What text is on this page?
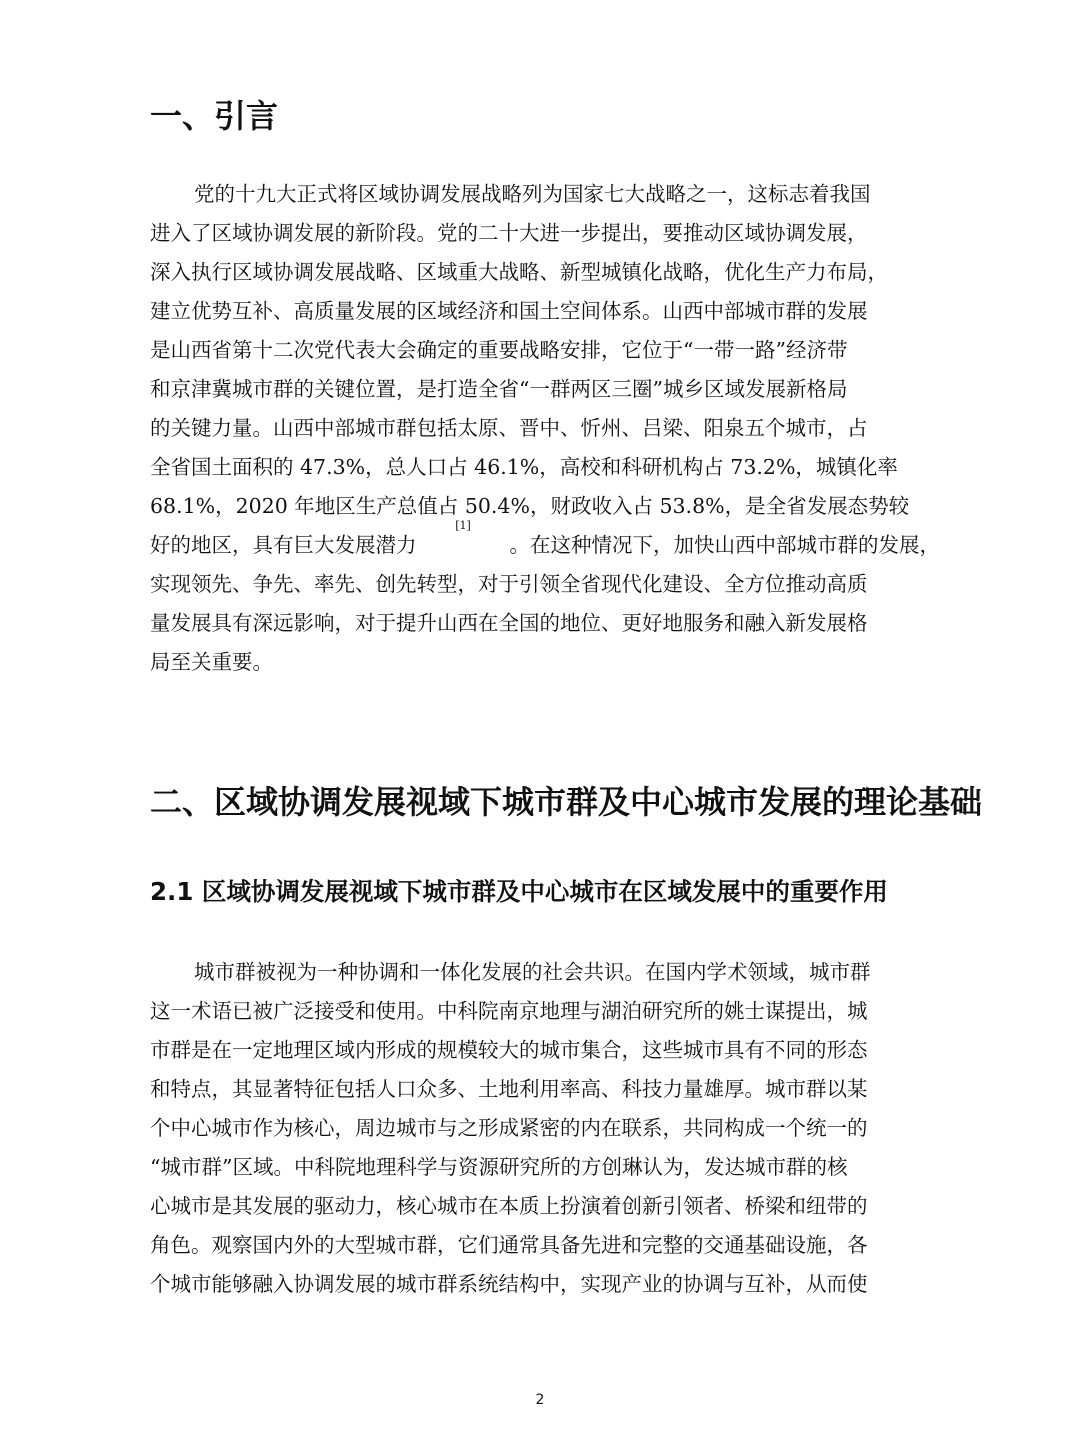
一、引言
党的十九大正式将区域协调发展战略列为国家七大战略之一，这标志着我国
进入了区域协调发展的新阶段。党的二十大进一步提出，要推动区域协调发展，
深入执行区域协调发展战略、区域重大战略、新型城镇化战略，优化生产力布局，
建立优势互补、高质量发展的区域经济和国土空间体系。山西中部城市群的发展
是山西省第十二次党代表大会确定的重要战略安排，它位于“一带一路”经济带
和京津冀城市群的关键位置，是打造全省“一群两区三圈”城乡区域发展新格局
的关键力量。山西中部城市群包括太原、晋中、忻州、吕梁、阳泉五个城市，占
全省国土面积的 47.3%，总人口占 46.1%，高校和科研机构占 73.2%，城镇化率
68.1%，2020 年地区生产总值占 50.4%，财政收入占 53.8%，是全省发展态势较
好的地区，具有巨大发展潜力
[1]
。在这种情况下，加快山西中部城市群的发展，
实现领先、争先、率先、创先转型，对于引领全省现代化建设、全方位推动高质
量发展具有深远影响，对于提升山西在全国的地位、更好地服务和融入新发展格
局至关重要。
二、区域协调发展视域下城市群及中心城市发展的理论基础
2.1 区域协调发展视域下城市群及中心城市在区域发展中的重要作用
城市群被视为一种协调和一体化发展的社会共识。在国内学术领域，城市群
这一术语已被广泛接受和使用。中科院南京地理与湖泊研究所的姚士谋提出，城
市群是在一定地理区域内形成的规模较大的城市集合，这些城市具有不同的形态
和特点，其显著特征包括人口众多、土地利用率高、科技力量雄厚。城市群以某
个中心城市作为核心，周边城市与之形成紧密的内在联系，共同构成一个统一的
“城市群”区域。中科院地理科学与资源研究所的方创琳认为，发达城市群的核
心城市是其发展的驱动力，核心城市在本质上扮演着创新引领者、桥梁和纽带的
角色。观察国内外的大型城市群，它们通常具备先进和完整的交通基础设施，各
个城市能够融入协调发展的城市群系统结构中，实现产业的协调与互补，从而使
2
